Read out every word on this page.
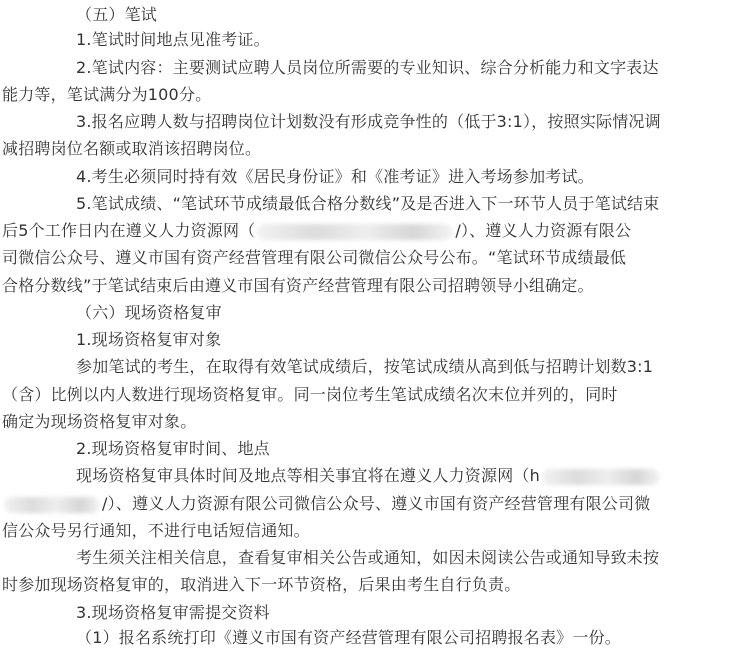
（五）笔试
1.笔试时间地点见准考证。
2.笔试内容：主要测试应聘人员岗位所需要的专业知识、综合分析能力和文字表达
能力等，笔试满分为100分。
3.报名应聘人数与招聘岗位计划数没有形成竞争性的（低于3:1），按照实际情况调
减招聘岗位名额或取消该招聘岗位。
4.考生必须同时持有效《居民身份证》和《准考证》进入考场参加考试。
5.笔试成绩、“笔试环节成绩最低合格分数线”及是否进入下一环节人员于笔试结束
后5个工作日内在遵义人力资源网（	/）、遵义人力资源有限公
司微信公众号、遵义市国有资产经营管理有限公司微信公众号公布。“笔试环节成绩最低
合格分数线”于笔试结束后由遵义市国有资产经营管理有限公司招聘领导小组确定。
（六）现场资格复审
1.现场资格复审对象
参加笔试的考生，在取得有效笔试成绩后，按笔试成绩从高到低与招聘计划数3:1
（含）比例以内人数进行现场资格复审。同一岗位考生笔试成绩名次末位并列的，同时
确定为现场资格复审对象。
2.现场资格复审时间、地点
现场资格复审具体时间及地点等相关事宜将在遵义人力资源网（h
/）、遵义人力资源有限公司微信公众号、遵义市国有资产经营管理有限公司微
信公众号另行通知，不进行电话短信通知。
考生须关注相关信息，查看复审相关公告或通知，如因未阅读公告或通知导致未按
时参加现场资格复审的，取消进入下一环节资格，后果由考生自行负责。
3.现场资格复审需提交资料
（1）报名系统打印《遵义市国有资产经营管理有限公司招聘报名表》一份。
